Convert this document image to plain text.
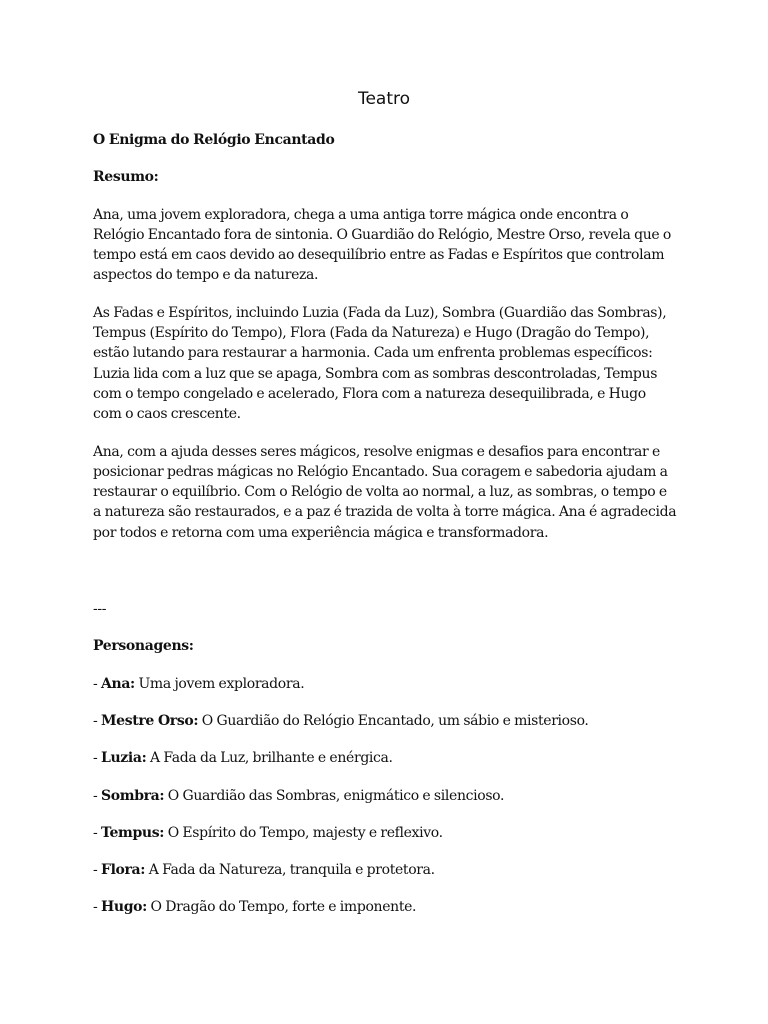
Teatro

O Enigma do Relógio Encantado

Resumo:

Ana, uma jovem exploradora, chega a uma antiga torre mágica onde encontra o Relógio Encantado fora de sintonia. O Guardião do Relógio, Mestre Orso, revela que o tempo está em caos devido ao desequilíbrio entre as Fadas e Espíritos que controlam aspectos do tempo e da natureza.

As Fadas e Espíritos, incluindo Luzia (Fada da Luz), Sombra (Guardião das Sombras), Tempus (Espírito do Tempo), Flora (Fada da Natureza) e Hugo (Dragão do Tempo), estão lutando para restaurar a harmonia. Cada um enfrenta problemas específicos: Luzia lida com a luz que se apaga, Sombra com as sombras descontroladas, Tempus com o tempo congelado e acelerado, Flora com a natureza desequilibrada, e Hugo com o caos crescente.

Ana, com a ajuda desses seres mágicos, resolve enigmas e desafios para encontrar e posicionar pedras mágicas no Relógio Encantado. Sua coragem e sabedoria ajudam a restaurar o equilíbrio. Com o Relógio de volta ao normal, a luz, as sombras, o tempo e a natureza são restaurados, e a paz é trazida de volta à torre mágica. Ana é agradecida por todos e retorna com uma experiência mágica e transformadora.

---

Personagens:

- Ana: Uma jovem exploradora.
- Mestre Orso: O Guardião do Relógio Encantado, um sábio e misterioso.
- Luzia: A Fada da Luz, brilhante e enérgica.
- Sombra: O Guardião das Sombras, enigmático e silencioso.
- Tempus: O Espírito do Tempo, majesty e reflexivo.
- Flora: A Fada da Natureza, tranquila e protetora.
- Hugo: O Dragão do Tempo, forte e imponente.
